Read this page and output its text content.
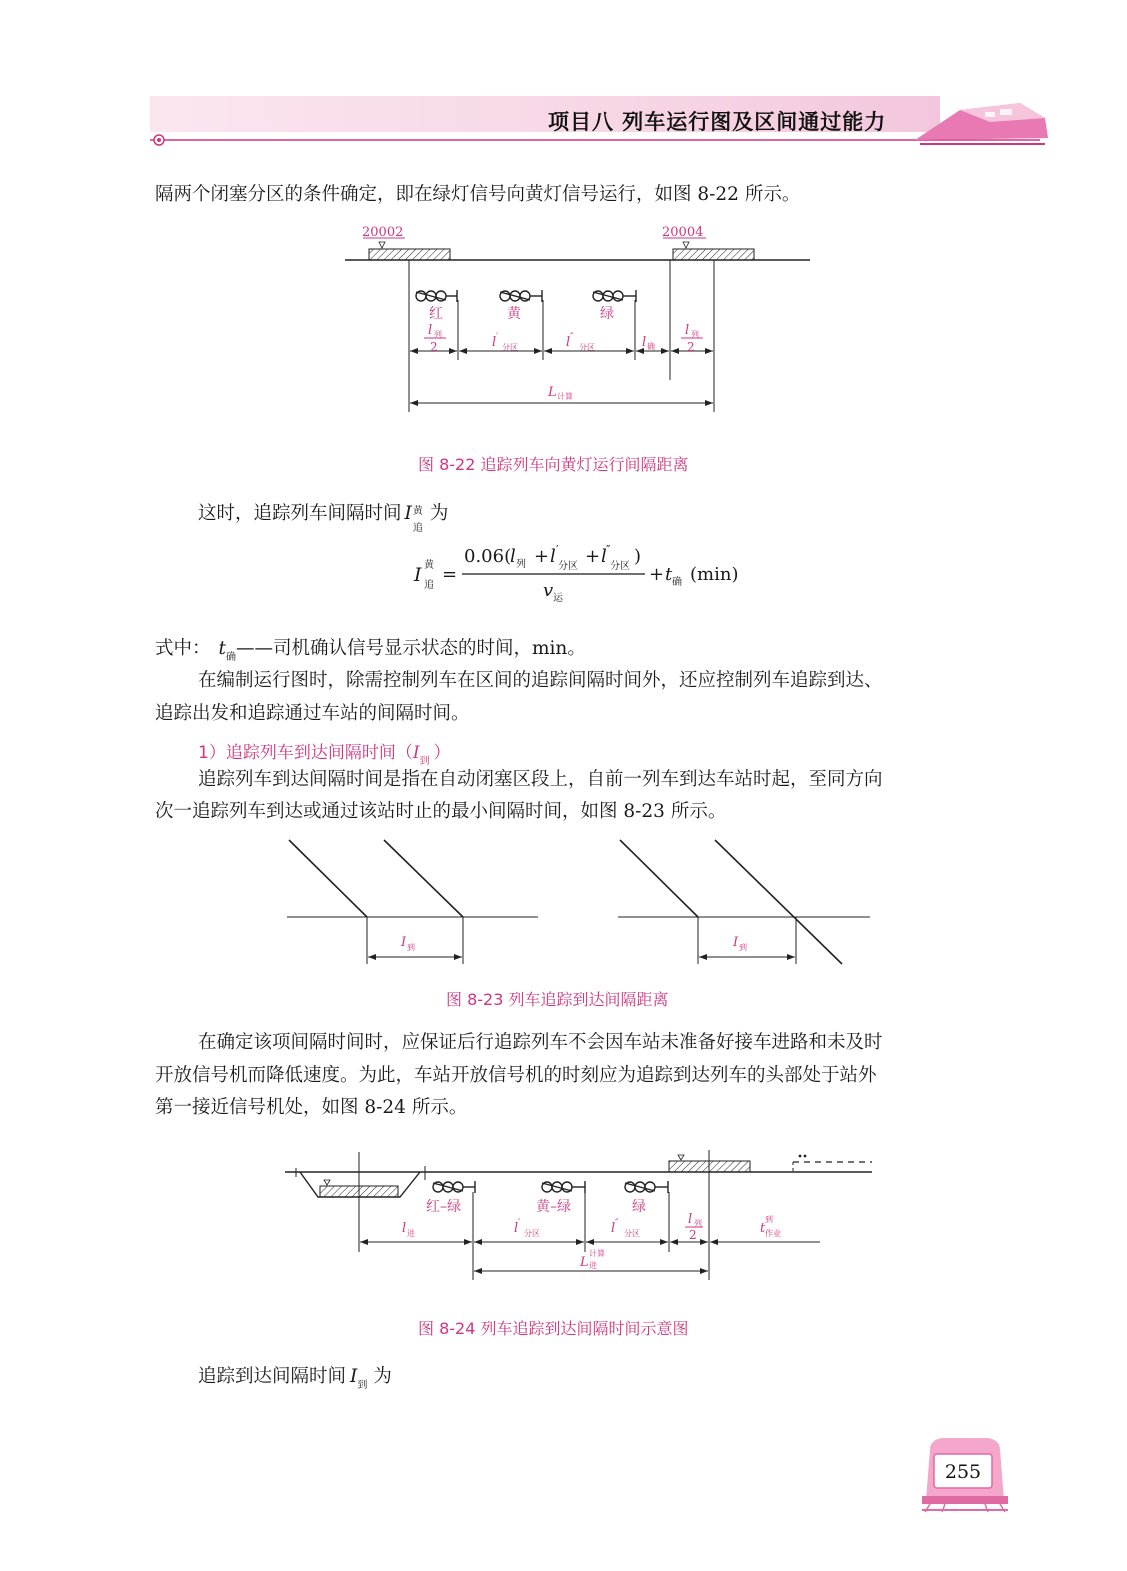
项目八 列车运行图及区间通过能力
隔两个闭塞分区的条件确定，即在绿灯信号向黄灯信号运行，如图 8-22 所示。
20002	20004
红	黄	绿
l 列
2	l ′
分区	l ″
分区	l 确
l 列
2
L 计算
图 8-22 追踪列车向黄灯运行间隔距离
这时，追踪列车间隔时间 I 黄
追
为
I 黄
追
=
0.06(
l 列 + l ′
分区 + l ″
分区 )
v 运
+ t 确 (min)
式中： $t_确——$司机确认信号显示状态的时间，min。
在编制运行图时，除需控制列车在区间的追踪间隔时间外，还应控制列车追踪到达、
追踪出发和追踪通过车站的间隔时间。
1）追踪列车到达间隔时间（$I_到$ ）
追踪列车到达间隔时间是指在自动闭塞区段上，自前一列车到达车站时起，至同方向
次一追踪列车到达或通过该站时止的最小间隔时间，如图 8-23 所示。
I 到	I 到
图 8-23 列车追踪到达间隔距离
在确定该项间隔时间时，应保证后行追踪列车不会因车站未准备好接车进路和未及时
开放信号机而降低速度。为此，车站开放信号机的时刻应为追踪到达列车的头部处于站外
第一接近信号机处，如图 8-24 所示。
红–绿	黄–绿	绿
l 进	l ′
分区	l ″
分区
l 列
2	t
到
作业
L
计算
进
图 8-24 列车追踪到达间隔时间示意图
追踪到达间隔时间 $I_到$ 为
255
